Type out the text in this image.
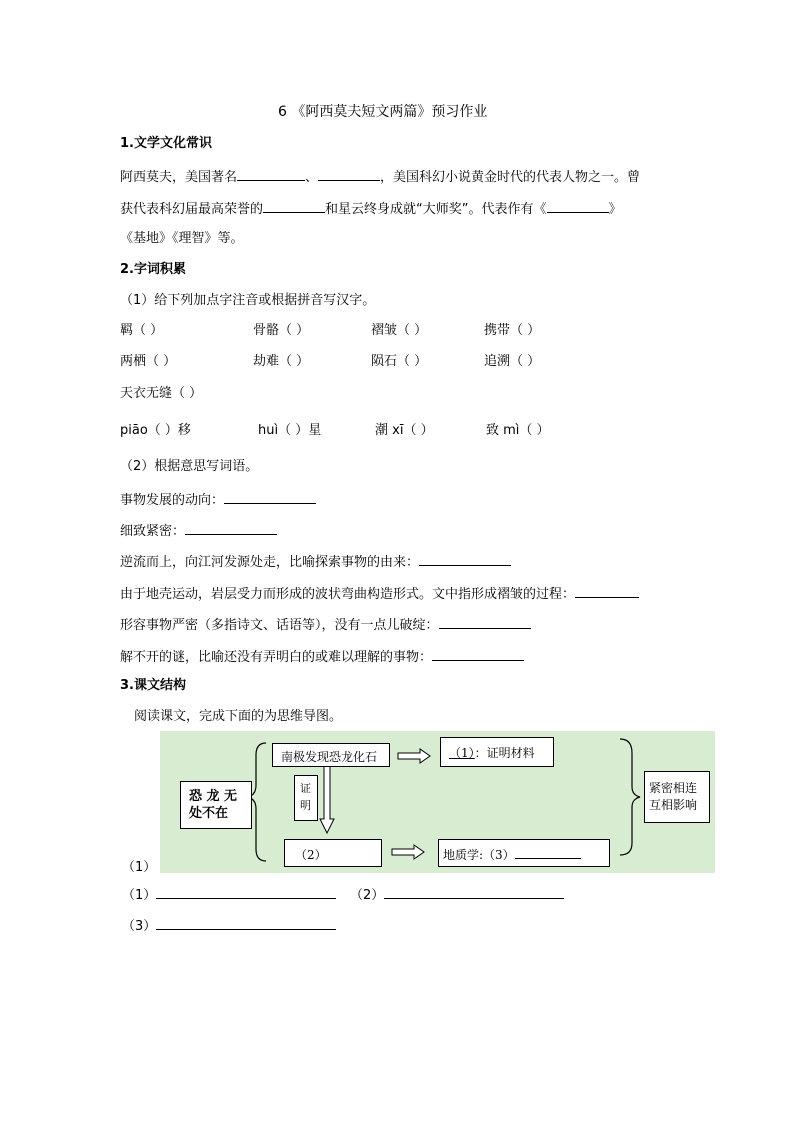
6 《阿西莫夫短文两篇》预习作业
1.文学文化常识
阿西莫夫，美国著名	、	，美国科幻小说黄金时代的代表人物之一。曾
获代表科幻届最高荣誉的	和星云终身成就“大师奖”。代表作有《	》
《基地》《理智》等。
2.字词积累
（1）给下列加点字注音或根据拼音写汉字。
羁（ ）	骨骼（ ）	褶皱（ ）	携带（ ）
两栖（ ）	劫难（ ）	陨石（ ）	追溯（ ）
天衣无缝（ ）
piāo（ ）移	huì（ ）星	潮 xī（ ）	致 mì（ ）
（2）根据意思写词语。
事物发展的动向：
细致紧密：
逆流而上，向江河发源处走，比喻探索事物的由来：
由于地壳运动，岩层受力而形成的波状弯曲构造形式。文中指形成褶皱的过程：
形容事物严密（多指诗文、话语等），没有一点儿破绽：
解不开的谜，比喻还没有弄明白的或难以理解的事物：
3.课文结构
阅读课文，完成下面的为思维导图。
恐 龙 无
处不在
南极发现恐龙化石	（1）：证明材料
证
明
（2）	地质学:（3）
紧密相连
互相影响
（1）
（1）	（2）
（3）
